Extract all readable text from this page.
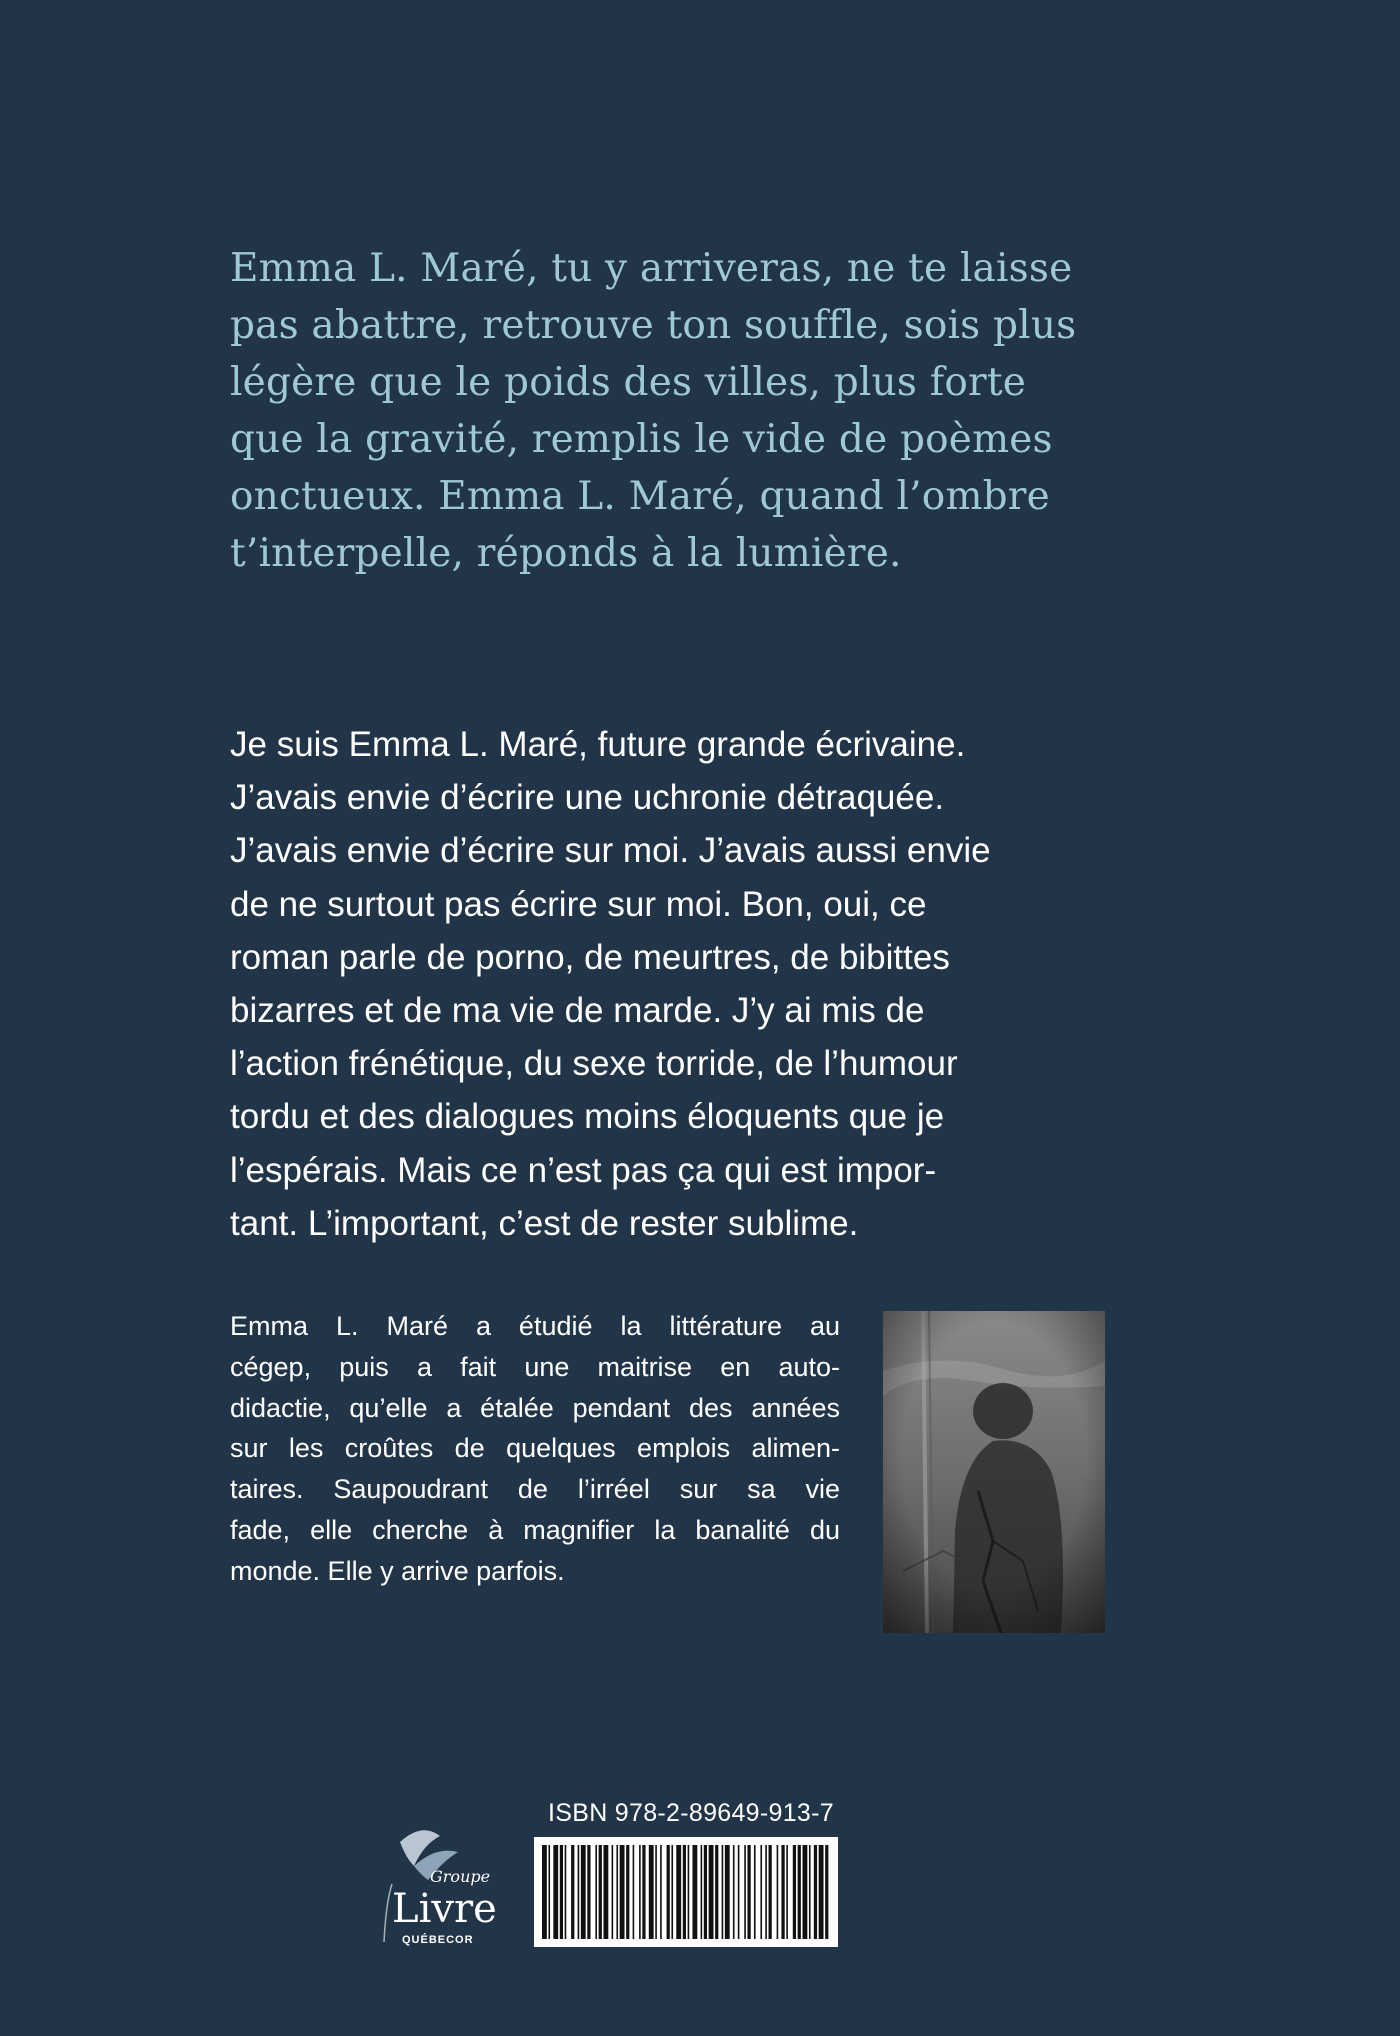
Emma L. Maré, tu y arriveras, ne te laisse
pas abattre, retrouve ton souffle, sois plus
légère que le poids des villes, plus forte
que la gravité, remplis le vide de poèmes
onctueux. Emma L. Maré, quand l’ombre
t’interpelle, réponds à la lumière.

Je suis Emma L. Maré, future grande écrivaine.
J’avais envie d’écrire une uchronie détraquée.
J’avais envie d’écrire sur moi. J’avais aussi envie
de ne surtout pas écrire sur moi. Bon, oui, ce
roman parle de porno, de meurtres, de bibittes
bizarres et de ma vie de marde. J’y ai mis de
l’action frénétique, du sexe torride, de l’humour
tordu et des dialogues moins éloquents que je
l’espérais. Mais ce n’est pas ça qui est impor-
tant. L’important, c’est de rester sublime.

Emma L. Maré a étudié la littérature au
cégep, puis a fait une maitrise en auto-
didactie, qu’elle a étalée pendant des années
sur les croûtes de quelques emplois alimen-
taires. Saupoudrant de l’irréel sur sa vie
fade, elle cherche à magnifier la banalité du
monde. Elle y arrive parfois.

Groupe
Livre
QUÉBECOR
ISBN 978-2-89649-913-7
